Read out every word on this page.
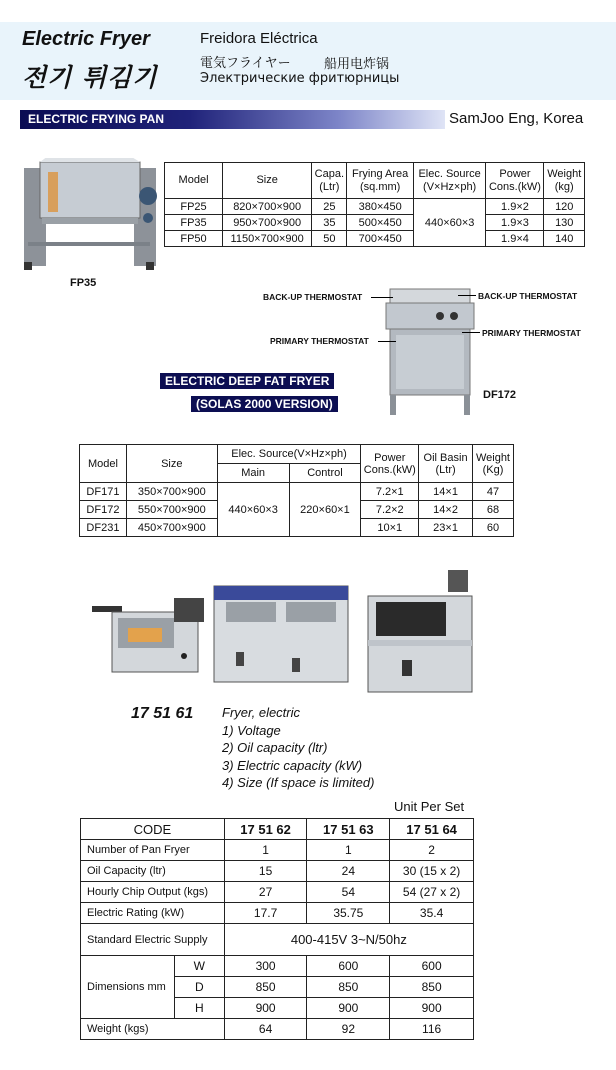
Electric Fryer
전기 튀김기
Freidora Eléctrica
電気フライヤー	船用电炸锅
Электрические фритюрницы
ELECTRIC FRYING PAN	SamJoo Eng, Korea
FP35
Model	Size	Capa. (Ltr)	Frying Area (sq.mm)	Elec. Source (V×Hz×ph)	Power Cons.(kW)	Weight (kg)
FP25	820×700×900	25	380×450	440×60×3	1.9×2	120
FP35	950×700×900	35	500×450		1.9×3	130
FP50	1150×700×900	50	700×450		1.9×4	140
BACK-UP THERMOSTAT	BACK-UP THERMOSTAT
PRIMARY THERMOSTAT
PRIMARY THERMOSTAT
ELECTRIC DEEP FAT FRYER
(SOLAS 2000 VERSION)
DF172
Model	Size	Elec. Source(V×Hz×ph)		Power Cons.(kW)	Oil Basin (Ltr)	Weight (Kg)
		Main	Control			
DF171	350×700×900	440×60×3	220×60×1	7.2×1	14×1	47
DF172	550×700×900			7.2×2	14×2	68
DF231	450×700×900			10×1	23×1	60
17 51 61 Fryer, electric
1) Voltage
2) Oil capacity (ltr)
3) Electric capacity (kW)
4) Size (If space is limited)
Unit Per Set
CODE		17 51 62	17 51 63	17 51 64
Number of Pan Fryer		1	1	2
Oil Capacity (ltr)		15	24	30 (15 x 2)
Hourly Chip Output (kgs)		27	54	54 (27 x 2)
Electric Rating (kW)		17.7	35.75	35.4
Standard Electric Supply		400-415V 3~N/50hz		
Dimensions mm	W	300	600	600
	D	850	850	850
	H	900	900	900
Weight (kgs)		64	92	116
